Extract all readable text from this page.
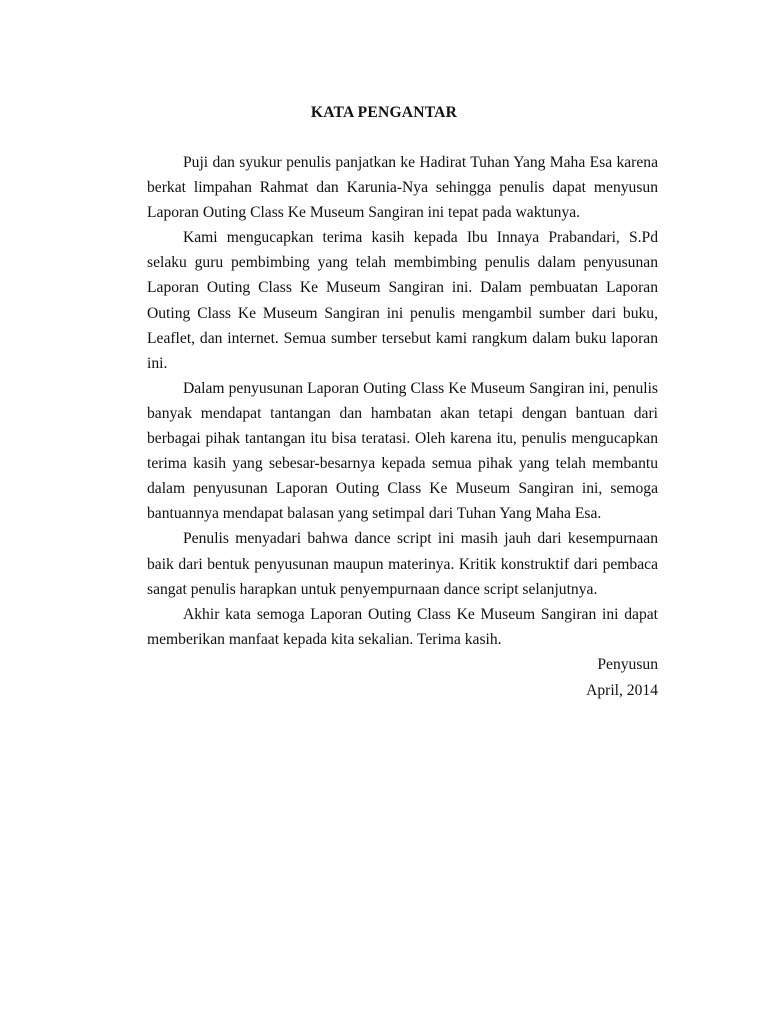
KATA PENGANTAR

Puji dan syukur penulis panjatkan ke Hadirat Tuhan Yang Maha Esa karena berkat limpahan Rahmat dan Karunia-Nya sehingga penulis dapat menyusun Laporan Outing Class Ke Museum Sangiran ini tepat pada waktunya.

Kami mengucapkan terima kasih kepada Ibu Innaya Prabandari, S.Pd selaku guru pembimbing yang telah membimbing penulis dalam penyusunan Laporan Outing Class Ke Museum Sangiran ini. Dalam pembuatan Laporan Outing Class Ke Museum Sangiran ini penulis mengambil sumber dari buku, Leaflet, dan internet. Semua sumber tersebut kami rangkum dalam buku laporan ini.

Dalam penyusunan Laporan Outing Class Ke Museum Sangiran ini, penulis banyak mendapat tantangan dan hambatan akan tetapi dengan bantuan dari berbagai pihak tantangan itu bisa teratasi. Oleh karena itu, penulis mengucapkan terima kasih yang sebesar-besarnya kepada semua pihak yang telah membantu dalam penyusunan Laporan Outing Class Ke Museum Sangiran ini, semoga bantuannya mendapat balasan yang setimpal dari Tuhan Yang Maha Esa.

Penulis menyadari bahwa dance script ini masih jauh dari kesempurnaan baik dari bentuk penyusunan maupun materinya. Kritik konstruktif dari pembaca sangat penulis harapkan untuk penyempurnaan dance script selanjutnya.

Akhir kata semoga Laporan Outing Class Ke Museum Sangiran ini dapat memberikan manfaat kepada kita sekalian. Terima kasih.

Penyusun
April, 2014
